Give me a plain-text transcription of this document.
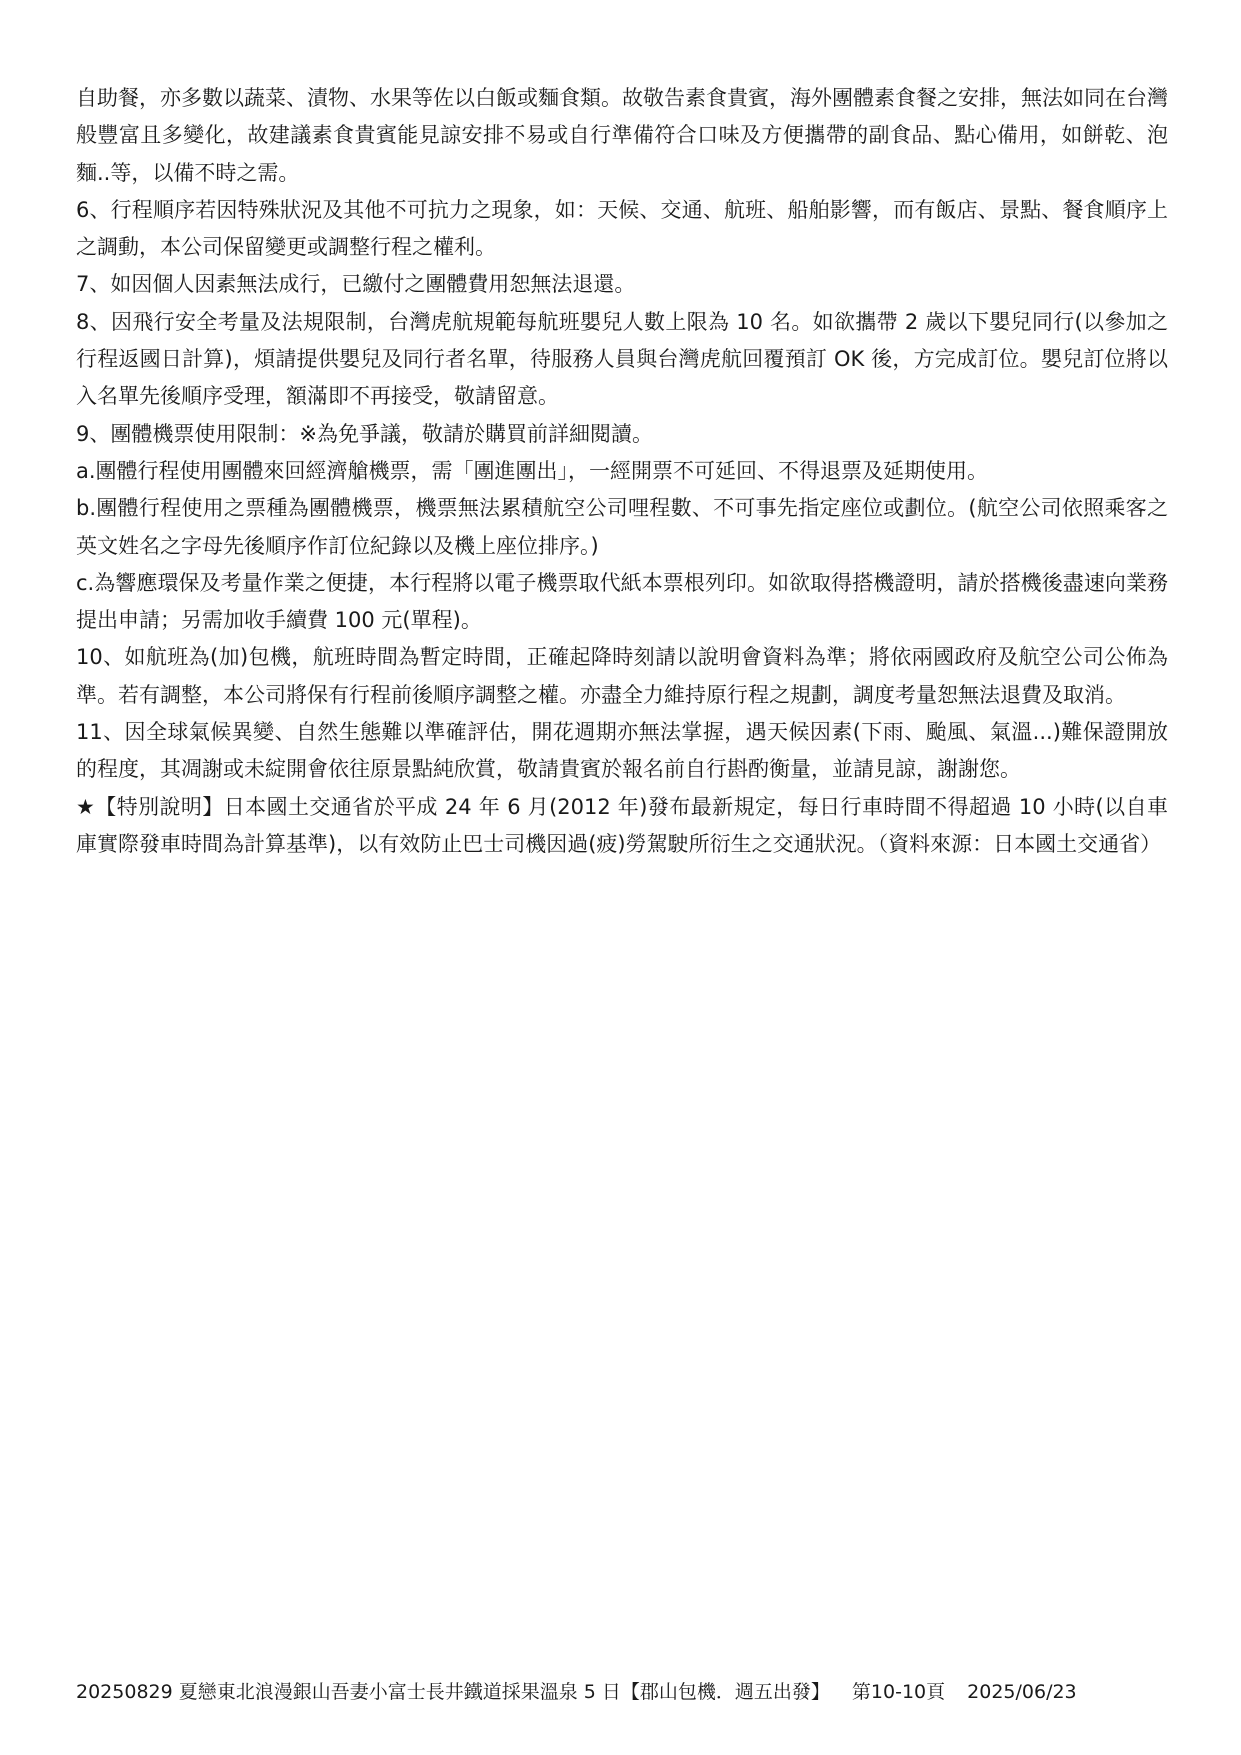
自助餐，亦多數以蔬菜、漬物、水果等佐以白飯或麵食類。故敬告素食貴賓，海外團體素食餐之安排，無法如同在台灣般豐富且多變化，故建議素食貴賓能見諒安排不易或自行準備符合口味及方便攜帶的副食品、點心備用，如餅乾、泡麵..等，以備不時之需。

6、行程順序若因特殊狀況及其他不可抗力之現象，如：天候、交通、航班、船舶影響，而有飯店、景點、餐食順序上之調動，本公司保留變更或調整行程之權利。

7、如因個人因素無法成行，已繳付之團體費用恕無法退還。

8、因飛行安全考量及法規限制，台灣虎航規範每航班嬰兒人數上限為 10 名。如欲攜帶 2 歲以下嬰兒同行(以參加之行程返國日計算)，煩請提供嬰兒及同行者名單，待服務人員與台灣虎航回覆預訂 OK 後，方完成訂位。嬰兒訂位將以入名單先後順序受理，額滿即不再接受，敬請留意。

9、團體機票使用限制：※為免爭議，敬請於購買前詳細閱讀。

a.團體行程使用團體來回經濟艙機票，需「團進團出」，一經開票不可延回、不得退票及延期使用。

b.團體行程使用之票種為團體機票，機票無法累積航空公司哩程數、不可事先指定座位或劃位。(航空公司依照乘客之英文姓名之字母先後順序作訂位紀錄以及機上座位排序。)

c.為響應環保及考量作業之便捷，本行程將以電子機票取代紙本票根列印。如欲取得搭機證明，請於搭機後盡速向業務提出申請；另需加收手續費 100 元(單程)。

10、如航班為(加)包機，航班時間為暫定時間，正確起降時刻請以說明會資料為準；將依兩國政府及航空公司公佈為準。若有調整，本公司將保有行程前後順序調整之權。亦盡全力維持原行程之規劃，調度考量恕無法退費及取消。

11、因全球氣候異變、自然生態難以準確評估，開花週期亦無法掌握，遇天候因素(下雨、颱風、氣溫...)難保證開放的程度，其凋謝或未綻開會依往原景點純欣賞，敬請貴賓於報名前自行斟酌衡量，並請見諒，謝謝您。

★【特別說明】日本國土交通省於平成 24 年 6 月(2012 年)發布最新規定，每日行車時間不得超過 10 小時(以自車庫實際發車時間為計算基準)，以有效防止巴士司機因過(疲)勞駕駛所衍生之交通狀況。（資料來源：日本國土交通省）

20250829 夏戀東北浪漫銀山吾妻小富士長井鐵道採果溫泉 5 日【郡山包機．週五出發】 第10-10頁 2025/06/23
